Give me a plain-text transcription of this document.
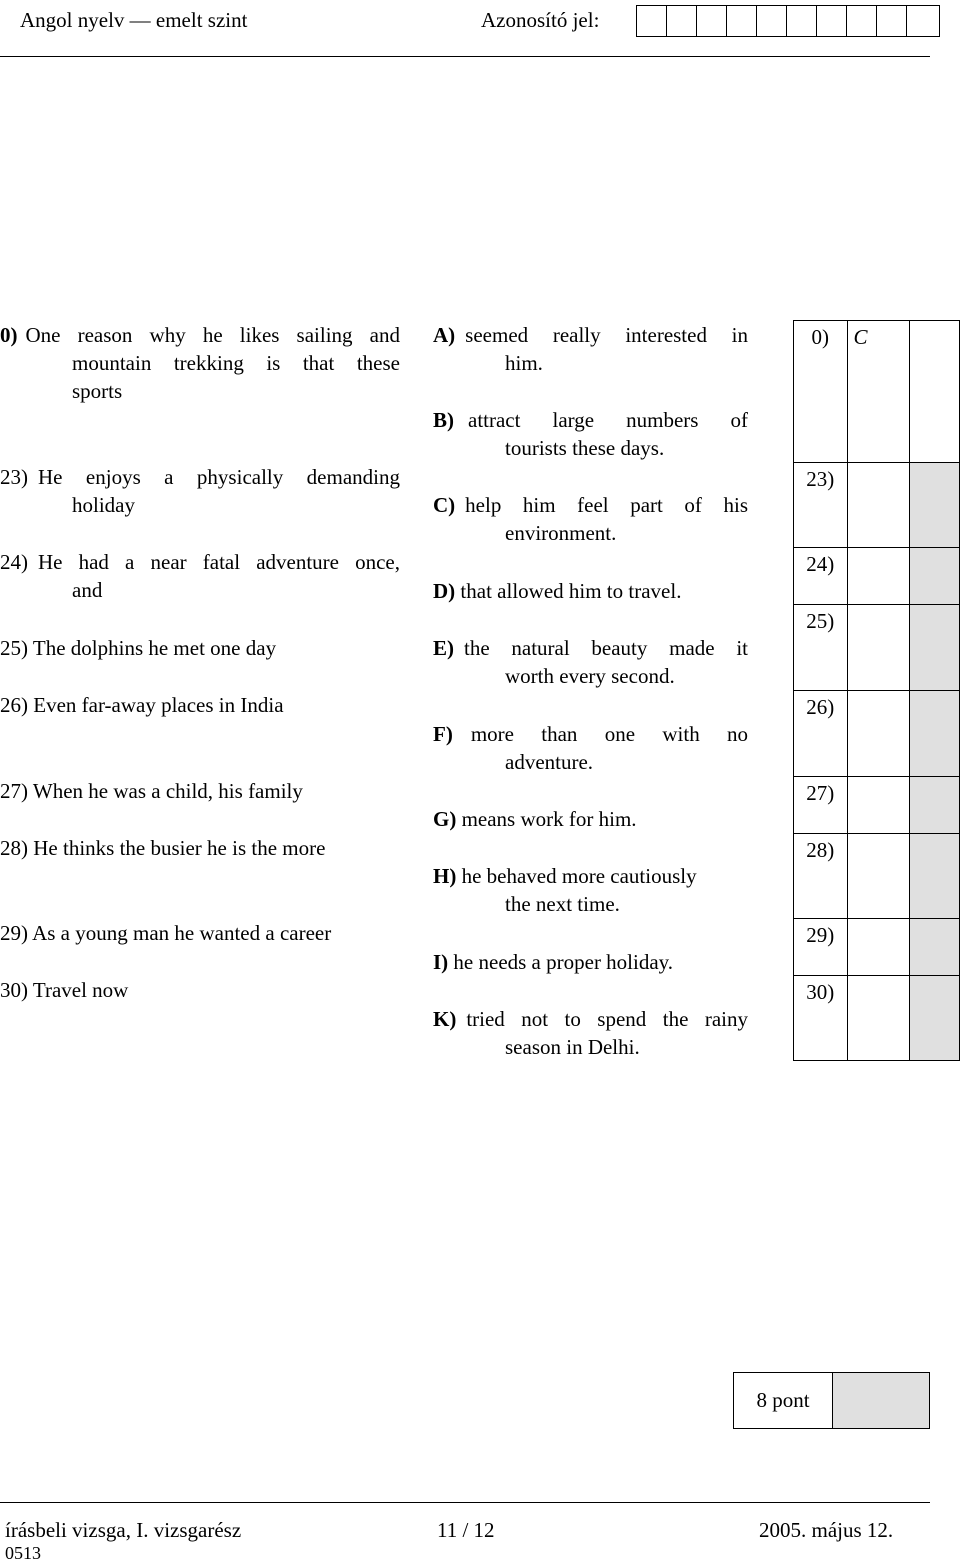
Angol nyelv — emelt szint	Azonosító jel:
0) One reason why he likes sailing and
mountain trekking is that these
sports
23) He enjoys a physically demanding
holiday
24) He had a near fatal adventure once,
and
25) The dolphins he met one day
26) Even far-away places in India
27) When he was a child, his family
28) He thinks the busier he is the more
29) As a young man he wanted a career
30) Travel now
A) seemed really interested in
him.
B) attract large numbers of
tourists these days.
C) help him feel part of his
environment.
D) that allowed him to travel.
E) the natural beauty made it
worth every second.
F) more than one with no
adventure.
G) means work for him.
H) he behaved more cautiously
the next time.
I) he needs a proper holiday.
K) tried not to spend the rainy
season in Delhi.
0)	C	
23)		
24)		
25)		
26)		
27)		
28)		
29)		
30)		
8 pont
írásbeli vizsga, I. vizsgarész
0513
11 / 12	2005. május 12.
